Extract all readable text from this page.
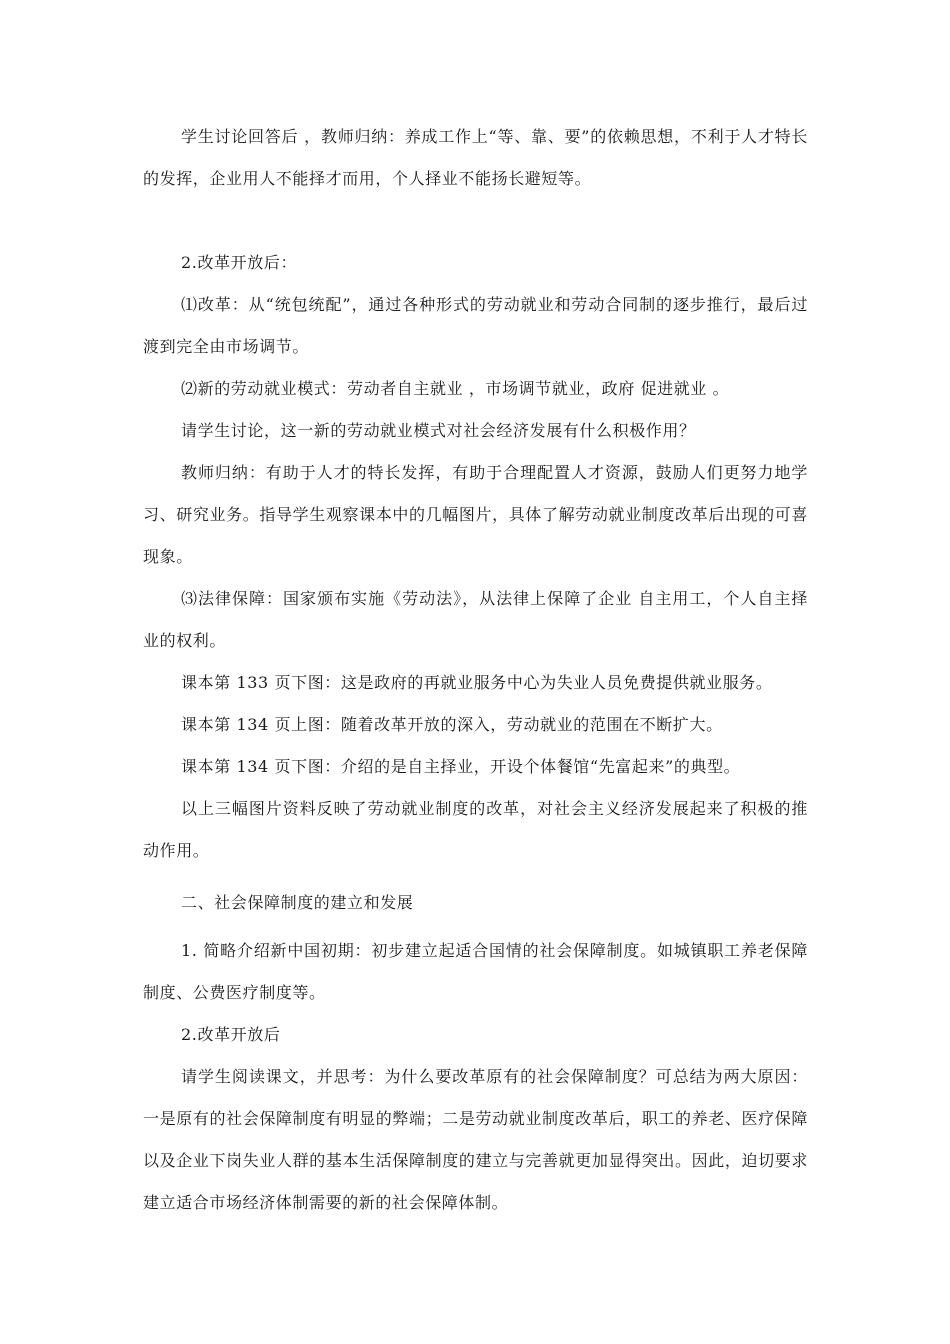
学生讨论回答后 ，教师归纳：养成工作上“等、靠、要”的依赖思想，不利于人才特长的发挥，企业用人不能择才而用，个人择业不能扬长避短等。

2.改革开放后：

⑴改革：从“统包统配”，通过各种形式的劳动就业和劳动合同制的逐步推行，最后过渡到完全由市场调节。

⑵新的劳动就业模式：劳动者自主就业 ，市场调节就业，政府 促进就业 。

请学生讨论，这一新的劳动就业模式对社会经济发展有什么积极作用？

教师归纳：有助于人才的特长发挥，有助于合理配置人才资源，鼓励人们更努力地学习、研究业务。指导学生观察课本中的几幅图片，具体了解劳动就业制度改革后出现的可喜现象。

⑶法律保障：国家颁布实施《劳动法》，从法律上保障了企业 自主用工，个人自主择业的权利。

课本第 133 页下图：这是政府的再就业服务中心为失业人员免费提供就业服务。

课本第 134 页上图：随着改革开放的深入，劳动就业的范围在不断扩大。

课本第 134 页下图：介绍的是自主择业，开设个体餐馆“先富起来”的典型。

以上三幅图片资料反映了劳动就业制度的改革，对社会主义经济发展起来了积极的推动作用。

二、社会保障制度的建立和发展

1. 简略介绍新中国初期：初步建立起适合国情的社会保障制度。如城镇职工养老保障制度、公费医疗制度等。

2.改革开放后

请学生阅读课文，并思考：为什么要改革原有的社会保障制度？可总结为两大原因：一是原有的社会保障制度有明显的弊端；二是劳动就业制度改革后，职工的养老、医疗保障以及企业下岗失业人群的基本生活保障制度的建立与完善就更加显得突出。因此，迫切要求建立适合市场经济体制需要的新的社会保障体制。
